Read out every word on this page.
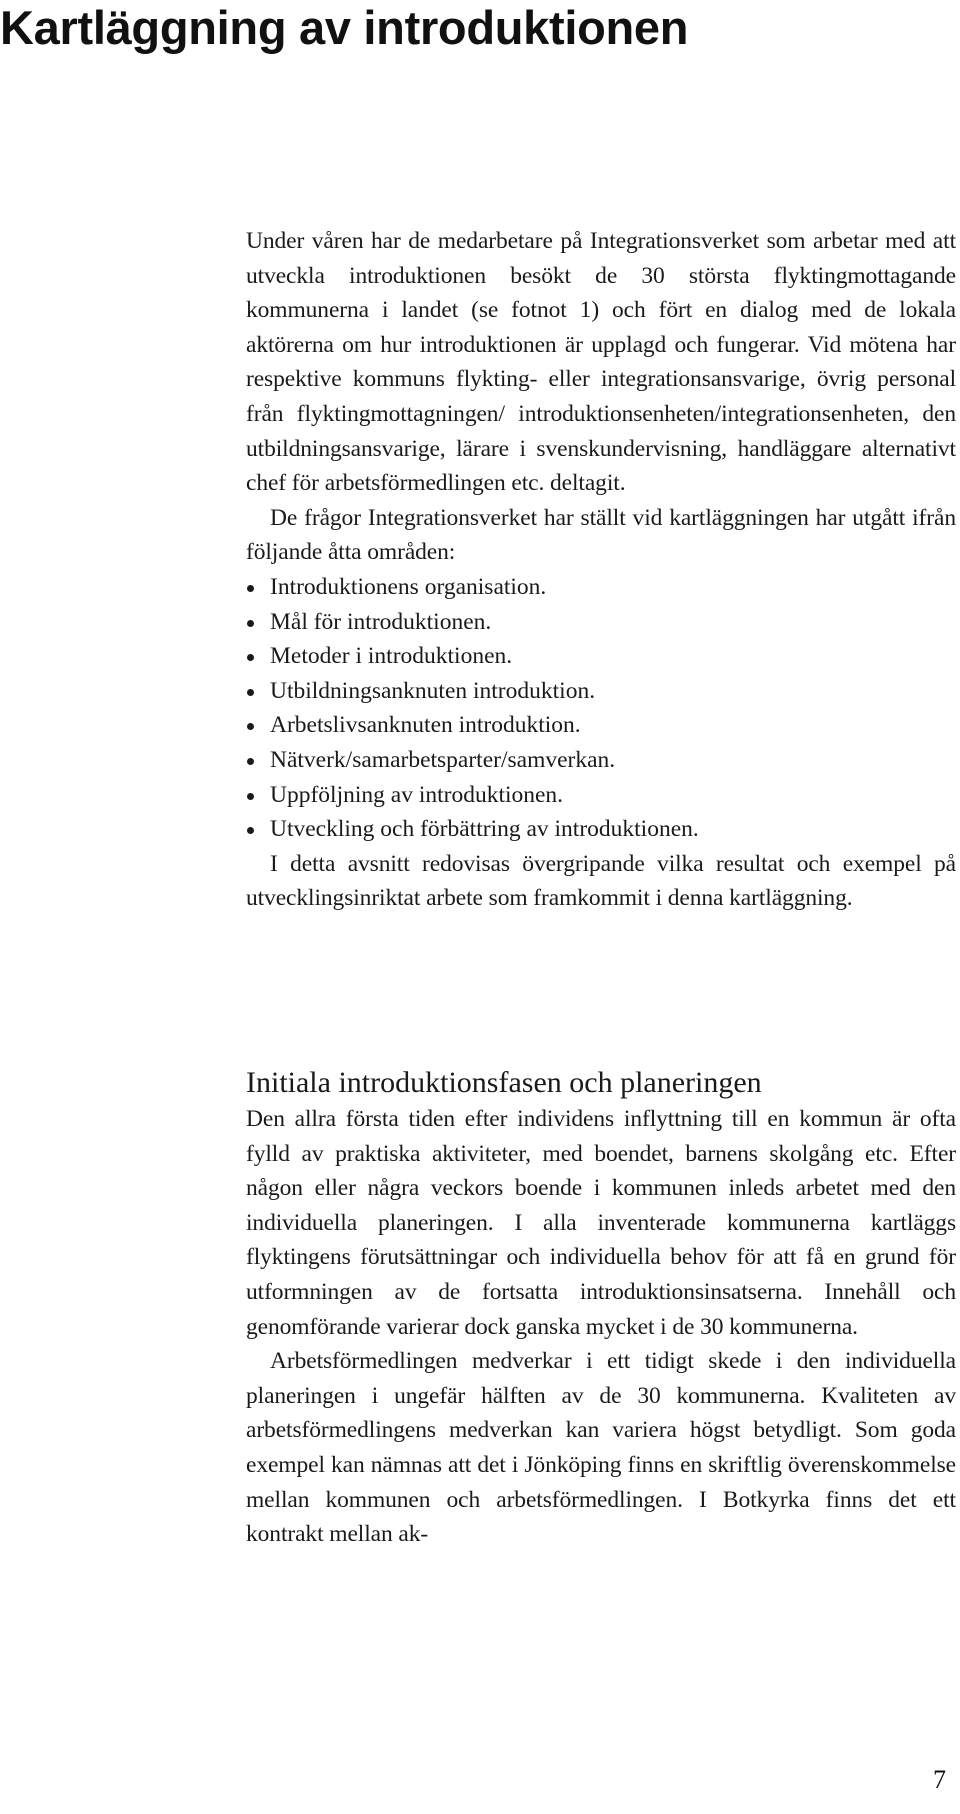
Kartläggning av introduktionen

Under våren har de medarbetare på Integrationsverket som arbetar med att utveckla introduktionen besökt de 30 största flyktingmottagande kommunerna i landet (se fotnot 1) och fört en dialog med de lokala aktörerna om hur introduktionen är upplagd och fungerar. Vid mötena har respektive kommuns flykting- eller integrationsansvarige, övrig personal från flyktingmottagningen/ introduktionsenheten/integrationsenheten, den utbildningsansvarige, lärare i svenskundervisning, handläggare alternativt chef för arbetsförmedlingen etc. deltagit.

De frågor Integrationsverket har ställt vid kartläggningen har utgått ifrån följande åtta områden:

Introduktionens organisation.
Mål för introduktionen.
Metoder i introduktionen.
Utbildningsanknuten introduktion.
Arbetslivsanknuten introduktion.
Nätverk/samarbetsparter/samverkan.
Uppföljning av introduktionen.
Utveckling och förbättring av introduktionen.

I detta avsnitt redovisas övergripande vilka resultat och exempel på utvecklingsinriktat arbete som framkommit i denna kartläggning.

Initiala introduktionsfasen och planeringen

Den allra första tiden efter individens inflyttning till en kommun är ofta fylld av praktiska aktiviteter, med boendet, barnens skolgång etc. Efter någon eller några veckors boende i kommunen inleds arbetet med den individuella planeringen. I alla inventerade kommunerna kartläggs flyktingens förutsättningar och individuella behov för att få en grund för utformningen av de fortsatta introduktionsinsatserna. Innehåll och genomförande varierar dock ganska mycket i de 30 kommunerna.

Arbetsförmedlingen medverkar i ett tidigt skede i den individuella planeringen i ungefär hälften av de 30 kommunerna. Kvaliteten av arbetsförmedlingens medverkan kan variera högst betydligt. Som goda exempel kan nämnas att det i Jönköping finns en skriftlig överenskommelse mellan kommunen och arbetsförmedlingen. I Botkyrka finns det ett kontrakt mellan ak-

7
